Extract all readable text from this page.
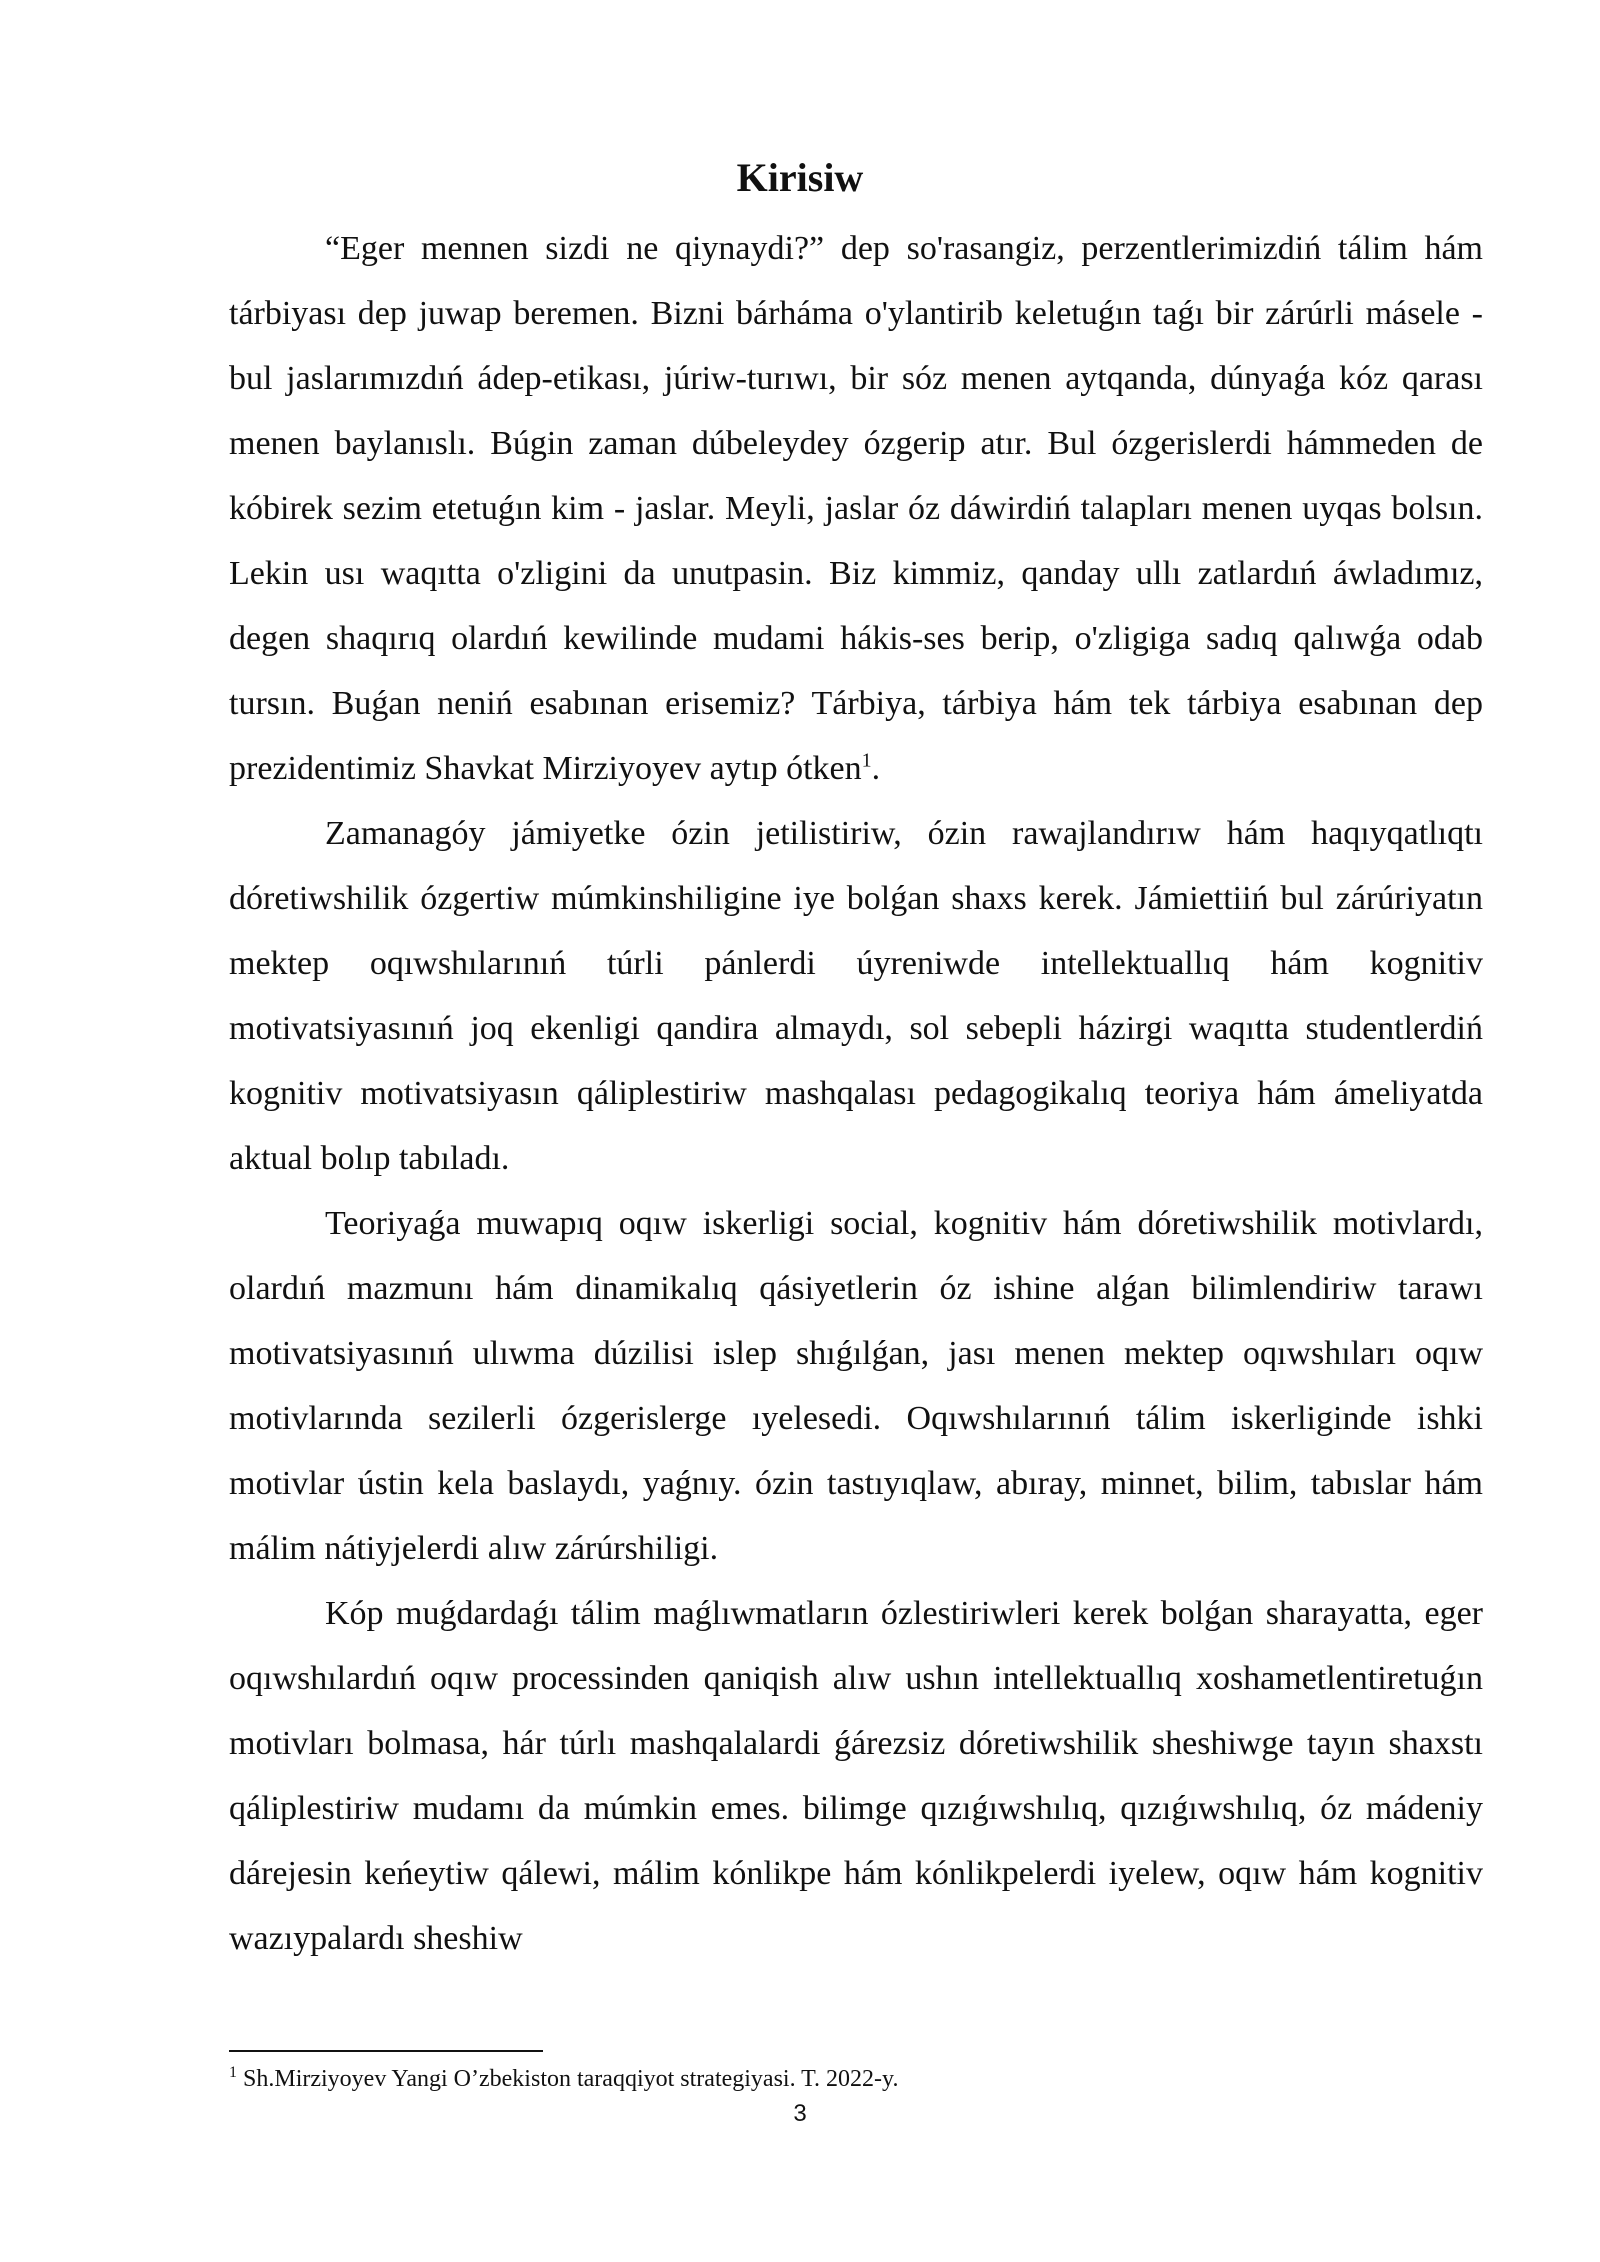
Kirisiw

“Eger mennen sizdi ne qiynaydi?” dep so'rasangiz, perzentlerimizdiń tálim hám tárbiyası dep juwap beremen. Bizni bárháma o'ylantirib keletuǵın taǵı bir zárúrli másele - bul jaslarımızdıń ádep-etikası, júriw-turıwı, bir sóz menen aytqanda, dúnyaǵa kóz qarası menen baylanıslı. Búgin zaman dúbeleydey ózgerip atır. Bul ózgerislerdi hámmeden de kóbirek sezim etetuǵın kim - jaslar. Meyli, jaslar óz dáwirdiń talapları menen uyqas bolsın. Lekin usı waqıtta o'zligini da unutpasin. Biz kimmiz, qanday ullı zatlardıń áwladımız, degen shaqırıq olardıń kewilinde mudami hákis-ses berip, o'zligiga sadıq qalıwǵa odab tursın. Buǵan neniń esabınan erisemiz? Tárbiya, tárbiya hám tek tárbiya esabınan dep prezidentimiz Shavkat Mirziyoyev aytıp ótken$^1$.

Zamanagóy jámiyetke ózin jetilistiriw, ózin rawajlandırıw hám haqıyqatlıqtı dóretiwshilik ózgertiw múmkinshiligine iye bolǵan shaxs kerek. Jámiettiiń bul zárúriyatın mektep oqıwshılarınıń túrli pánlerdi úyreniwde intellektuallıq hám kognitiv motivatsiyasınıń joq ekenligi qandira almaydı, sol sebepli házirgi waqıtta studentlerdiń kognitiv motivatsiyasın qáliplestiriw mashqalası pedagogikalıq teoriya hám ámeliyatda aktual bolıp tabıladı.

Teoriyaǵa muwapıq oqıw iskerligi social, kognitiv hám dóretiwshilik motivlardı, olardıń mazmunı hám dinamikalıq qásiyetlerin óz ishine alǵan bilimlendiriw tarawı motivatsiyasınıń ulıwma dúzilisi islep shıǵılǵan, jası menen mektep oqıwshıları oqıw motivlarında sezilerli ózgerislerge ıyelesedi. Oqıwshılarınıń tálim iskerliginde ishki motivlar ústin kela baslaydı, yaǵnıy. ózin tastıyıqlaw, abıray, minnet, bilim, tabıslar hám málim nátiyjelerdi alıw zárúrshiligi.

Kóp muǵdardaǵı tálim maǵlıwmatların ózlestiriwleri kerek bolǵan sharayatta, eger oqıwshılardıń oqıw processinden qaniqish alıw ushın intellektuallıq xoshametlentiretuǵın motivları bolmasa, hár túrlı mashqalalardi ǵárezsiz dóretiwshilik sheshiwge tayın shaxstı qáliplestiriw mudamı da múmkin emes. bilimge qızıǵıwshılıq, qızıǵıwshılıq, óz mádeniy dárejesin keńeytiw qálewi, málim kónlikpe hám kónlikpelerdi iyelew, oqıw hám kognitiv wazıypalardı sheshiw

$^1$ Sh.Mirziyoyev Yangi O’zbekiston taraqqiyot strategiyasi. T. 2022-y.
3
